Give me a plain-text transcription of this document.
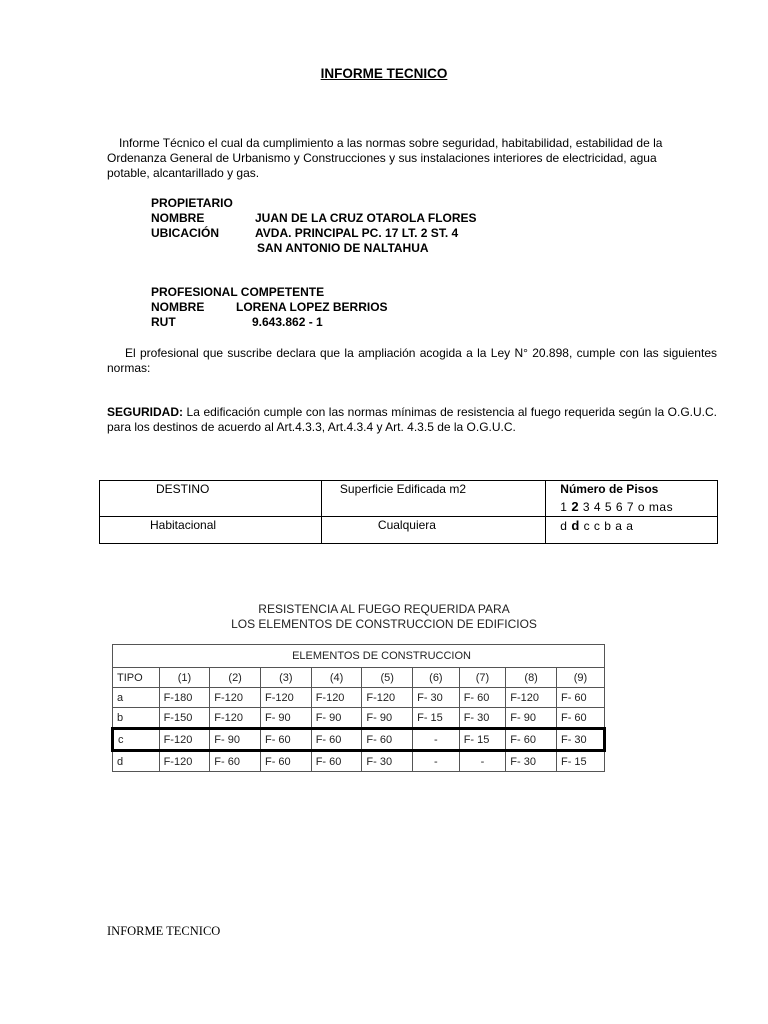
INFORME TECNICO
Informe Técnico el cual da cumplimiento a las normas sobre seguridad, habitabilidad, estabilidad de la Ordenanza General de Urbanismo y Construcciones y sus instalaciones interiores de electricidad, agua potable, alcantarillado y gas.
PROPIETARIO
NOMBRE	JUAN DE LA CRUZ OTAROLA FLORES
UBICACIÓN	AVDA. PRINCIPAL PC. 17 LT. 2 ST. 4
SAN ANTONIO DE NALTAHUA
PROFESIONAL COMPETENTE
NOMBRE	LORENA LOPEZ BERRIOS
RUT	9.643.862 - 1
El profesional que suscribe declara que la ampliación acogida a la Ley N° 20.898, cumple con las siguientes normas:
SEGURIDAD: La edificación cumple con las normas mínimas de resistencia al fuego requerida según la O.G.U.C. para los destinos de acuerdo al Art.4.3.3, Art.4.3.4 y Art. 4.3.5 de la O.G.U.C.
DESTINO	Superficie Edificada m2	Número de Pisos
1 2 3 4 5 6 7 o mas

Habitacional	Cualquiera	d d c c b a a
RESISTENCIA AL FUEGO REQUERIDA PARA
LOS ELEMENTOS DE CONSTRUCCION DE EDIFICIOS
	ELEMENTOS DE CONSTRUCCION								
TIPO	(1)	(2)	(3)	(4)	(5)	(6)	(7)	(8)	(9)
a	F-180	F-120	F-120	F-120	F-120	F- 30	F- 60	F-120	F- 60
b	F-150	F-120	F- 90	F- 90	F- 90	F- 15	F- 30	F- 90	F- 60
c	F-120	F- 90	F- 60	F- 60	F- 60	-	F- 15	F- 60	F- 30
d	F-120	F- 60	F- 60	F- 60	F- 30	-	-	F- 30	F- 15
INFORME TECNICO
